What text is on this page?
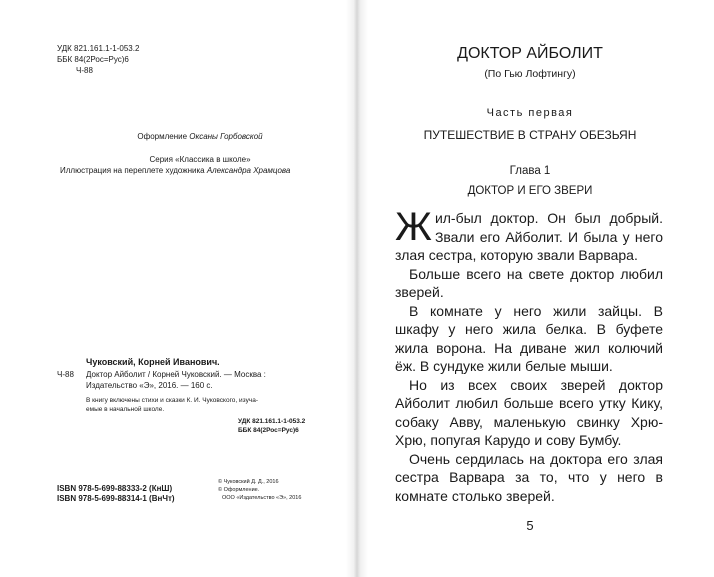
УДК 821.161.1-1-053.2
ББК 84(2Рос=Рус)6
Ч-88
Оформление Оксаны Горбовской
Серия «Классика в школе»
Иллюстрация на переплете художника Александра Храмцова
Чуковский, Корней Иванович.
Ч-88 Доктор Айболит / Корней Чуковский. — Москва :
Издательство «Э», 2016. — 160 с.
В книгу включены стихи и сказки К. И. Чуковского, изуча-
емые в начальной школе.
УДК 821.161.1-1-053.2
ББК 84(2Рос=Рус)6
ISBN 978-5-699-88333-2 (КнШ)
ISBN 978-5-699-88314-1 (ВнЧт)
© Чуковский Д. Д., 2016
© Оформление.
ООО «Издательство «Э», 2016
ДОКТОР АЙБОЛИТ
(По Гью Лофтингу)
Часть первая
ПУТЕШЕСТВИЕ В СТРАНУ ОБЕЗЬЯН
Глава 1
ДОКТОР И ЕГО ЗВЕРИ

Жил-был доктор. Он был добрый. Звали его Айболит. И была у него злая сестра, которую звали Варвара.

Больше всего на свете доктор любил зверей.

В комнате у него жили зайцы. В шкафу у него жила белка. В буфете жила ворона. На диване жил колючий ёж. В сундуке жили белые мыши.

Но из всех своих зверей доктор Айболит любил больше всего утку Кику, собаку Авву, маленькую свинку Хрю-Хрю, попугая Карудо и сову Бумбу.

Очень сердилась на доктора его злая сестра Варвара за то, что у него в комнате столько зверей.

5
